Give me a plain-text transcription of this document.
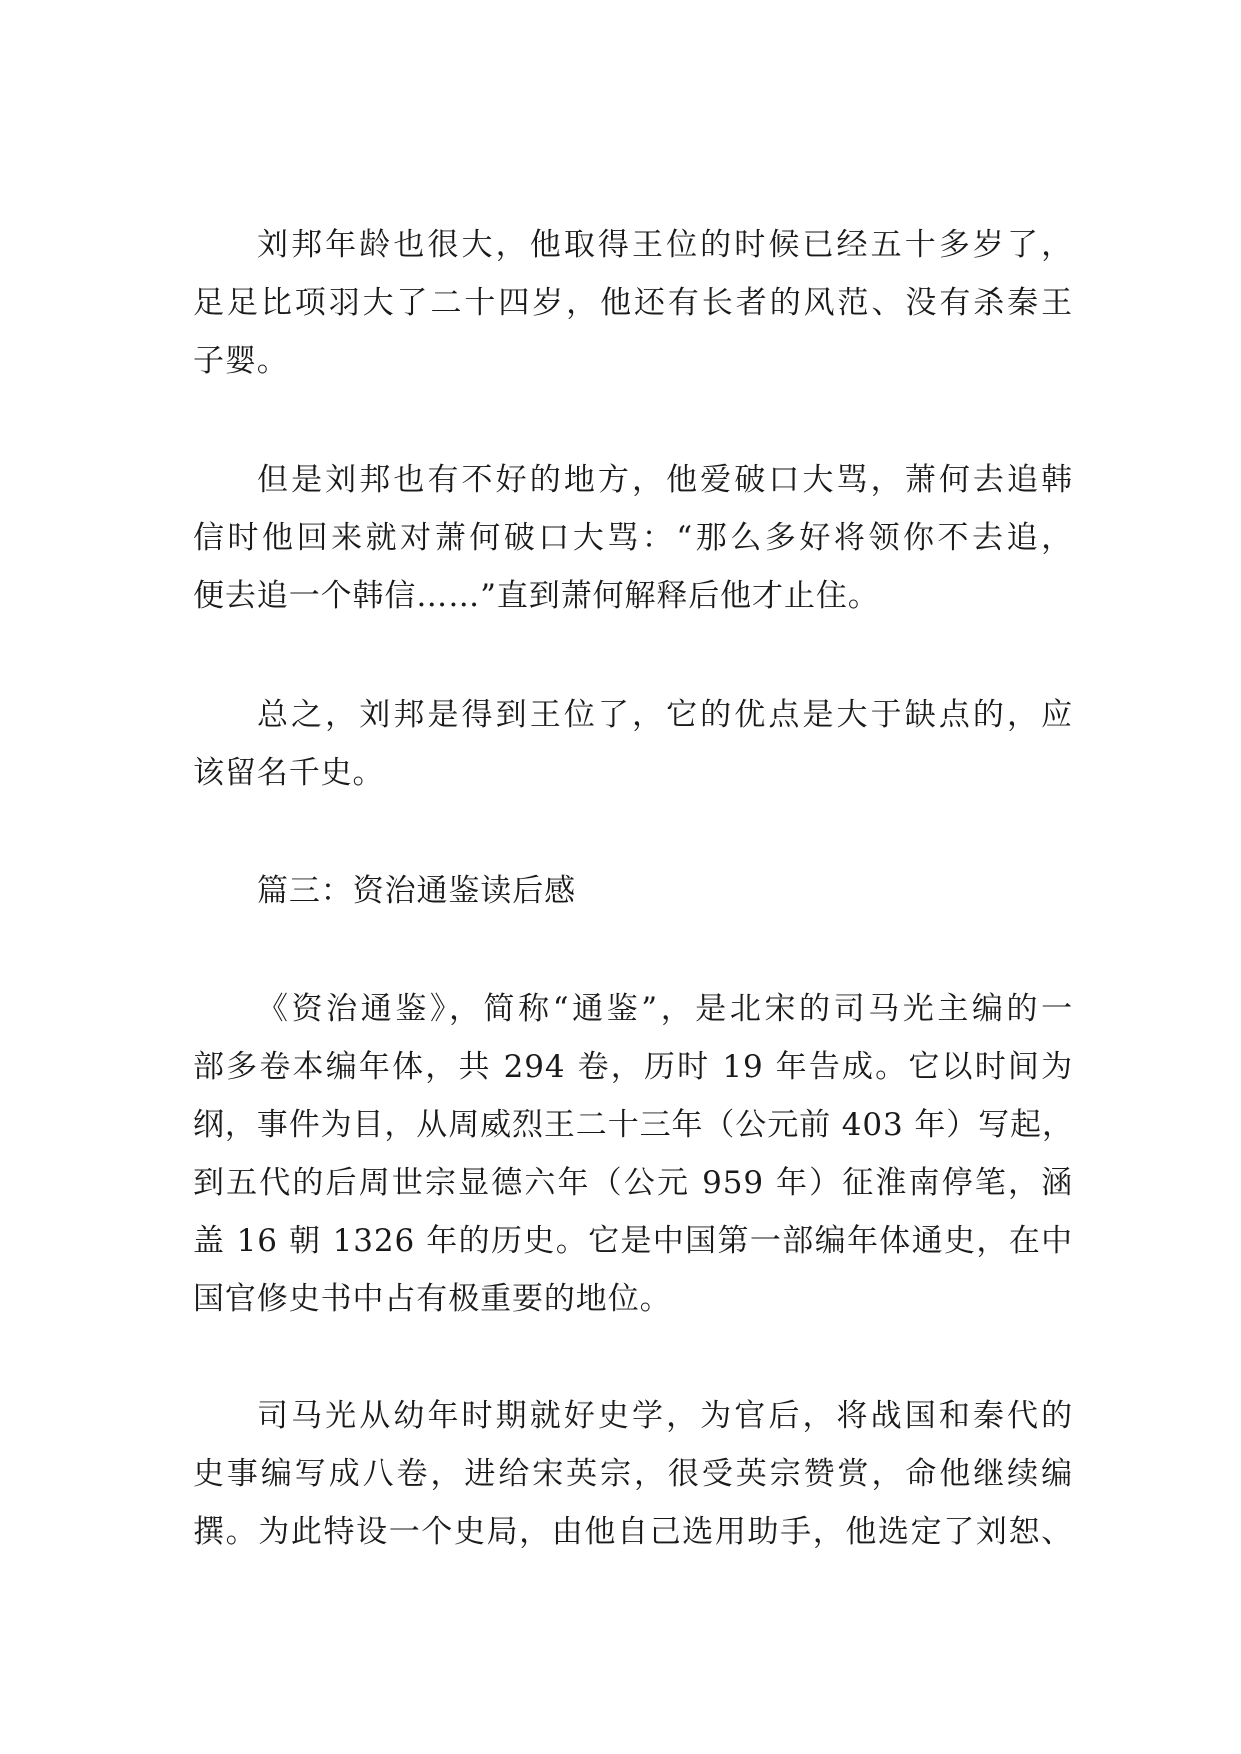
刘邦年龄也很大，他取得王位的时候已经五十多岁了，
足足比项羽大了二十四岁，他还有长者的风范、没有杀秦王
子婴。
但是刘邦也有不好的地方，他爱破口大骂，萧何去追韩
信时他回来就对萧何破口大骂：“那么多好将领你不去追，
便去追一个韩信……”直到萧何解释后他才止住。
总之，刘邦是得到王位了，它的优点是大于缺点的，应
该留名千史。
篇三：资治通鉴读后感
《资治通鉴》，简称“通鉴”，是北宋的司马光主编的一
部多卷本编年体，共 294 卷，历时 19 年告成。它以时间为
纲，事件为目，从周威烈王二十三年（公元前 403 年）写起，
到五代的后周世宗显德六年（公元 959 年）征淮南停笔，涵
盖 16 朝 1326 年的历史。它是中国第一部编年体通史，在中
国官修史书中占有极重要的地位。
司马光从幼年时期就好史学，为官后，将战国和秦代的
史事编写成八卷，进给宋英宗，很受英宗赞赏，命他继续编
撰。为此特设一个史局，由他自己选用助手，他选定了刘恕、
